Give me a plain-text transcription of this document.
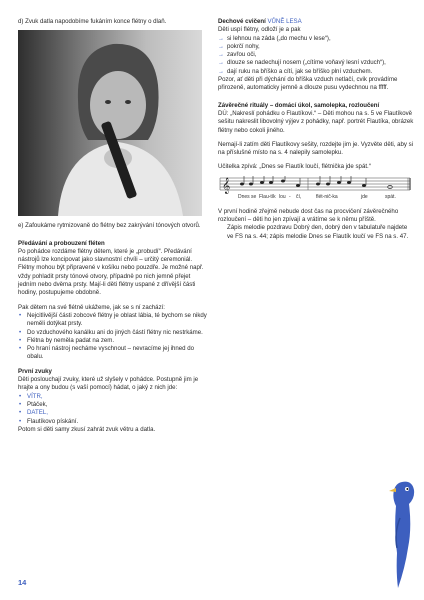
d) Zvuk datla napodobíme fukáním konce flétny o dlaň.

e) Zafoukáme rytmizovaně do flétny bez zakrývání tónových otvorů.

Předávání a probouzení fléten

Po pohádce rozdáme flétny dětem, které je „probudí“. Předávání nástrojů lze koncipovat jako slavnostní chvíli – určitý ceremoniál. Flétny mohou být připravené v košíku nebo pouzdře. Je možné např. vždy pohladit prsty tónové otvory, případně po nich jemně přejet jedním nebo dvěma prsty. Mají-li děti flétny uspané z dřívější části hodiny, postupujeme obdobně.

Pak dětem na své flétně ukážeme, jak se s ní zachází:

• Nejcitlivější části zobcové flétny je oblast lábia, té bychom se nikdy neměli dotýkat prsty.
• Do vzduchového kanálku ani do jiných částí flétny nic nestrkáme.
• Flétna by neměla padat na zem.
• Po hraní nástroj necháme vyschnout – nevracíme jej ihned do obalu.

První zvuky

Děti poslouchají zvuky, které už slyšely v pohádce. Postupně jim je hrajte a ony budou (s vaší pomocí) hádat, o jaký z nich jde:

• VÍTR,
• Ptáček,
• DATEL,
• Flautíkovo pískání.

Potom si děti samy zkusí zahrát zvuk větru a datla.

Dechové cvičení VŮNĚ LESA

Děti uspí flétny, odloží je a pak

→ si lehnou na záda („do mechu v lese“),
→ pokrčí nohy,
→ zavřou oči,
→ dlouze se nadechují nosem („cítíme voňavý lesní vzduch“),
→ dají ruku na bříško a cítí, jak se bříško plní vzduchem.

Pozor, ať děti při dýchání do bříška vzduch netlačí, cvik provádíme přirozeně, automaticky jemně a dlouze pusu vydechnou na fffff.

Závěrečné rituály – domácí úkol, samolepka, rozloučení

DÚ: „Nakreslí pohádku o Flautíkovi.“ – Děti mohou na s. 5 ve Flautíkově sešitu nakreslit libovolný výjev z pohádky, např. portrét Flautíka, obrázek flétny nebo cokoli jiného.

Nemají-li zatím děti Flautíkovy sešity, rozdejte jim je. Vyzvěte děti, aby si na příslušné místo na s. 4 nalepily samolepku.

Učitelka zpívá: „Dnes se Flautík loučí, flétnička jde spát.“

𝄞
Dnes se Flau-tík lou - čí,	flét-nič-ka	jde	spát.

V první hodině zřejmě nebude dost čas na procvičení závěrečného rozloučení – děti ho jen zpívají a vrátíme se k němu příště.

Zápis melodie pozdravu Dobrý den, dobrý den v tabulatuře najdete ve FS na s. 44; zápis melodie Dnes se Flautík loučí ve FS na s. 47.

14
